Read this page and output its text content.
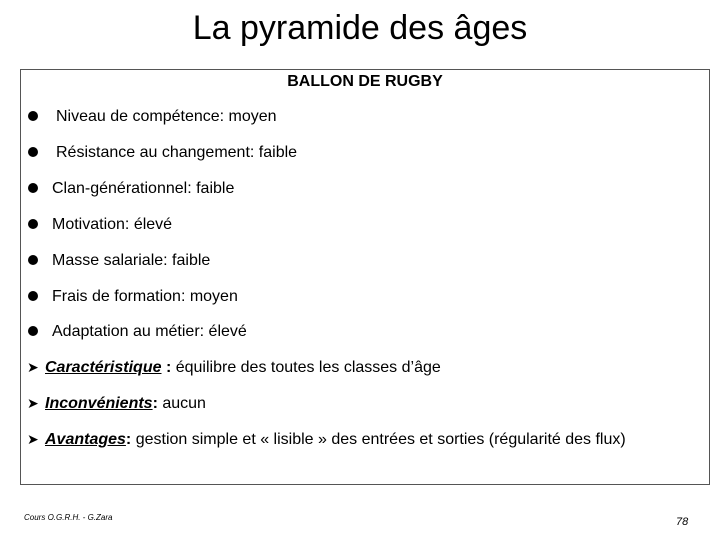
La pyramide des âges
BALLON DE RUGBY
Niveau de compétence: moyen
Résistance au changement: faible
Clan-générationnel: faible
Motivation: élevé
Masse salariale: faible
Frais de formation: moyen
Adaptation au métier: élevé
➤ Caractéristique : équilibre des toutes les classes d’âge
➤ Inconvénients: aucun
➤ Avantages: gestion simple et « lisible » des entrées et sorties (régularité des flux)
Cours O.G.R.H. - G.Zara	78
